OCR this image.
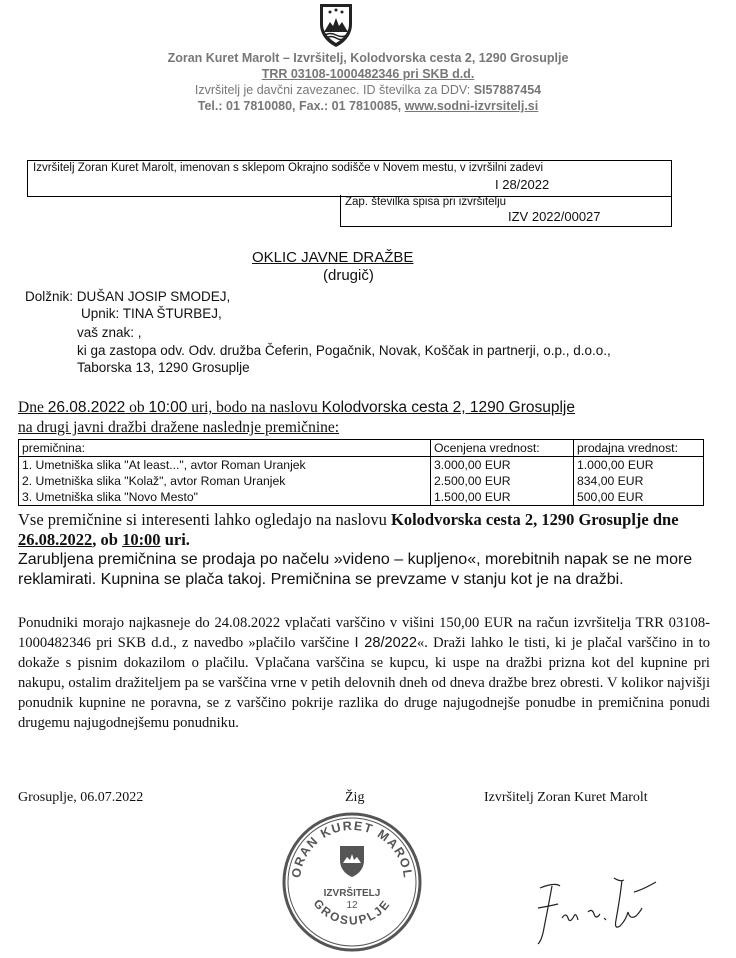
Zoran Kuret Marolt – Izvršitelj, Kolodvorska cesta 2, 1290 Grosuplje
TRR 03108-1000482346 pri SKB d.d.
Izvršitelj je davčni zavezanec. ID številka za DDV: SI57887454
Tel.: 01 7810080, Fax.: 01 7810085, www.sodni-izvrsitelj.si
Izvršitelj Zoran Kuret Marolt, imenovan s sklepom Okrajno sodišče v Novem mestu, v izvršilni zadevi
I 28/2022
Zap. številka spisa pri izvršitelju
IZV 2022/00027
OKLIC JAVNE DRAŽBE
(drugič)
Dolžnik: DUŠAN JOSIP SMODEJ,
Upnik: TINA ŠTURBEJ,
vaš znak: ,
ki ga zastopa odv. Odv. družba Čeferin, Pogačnik, Novak, Koščak in partnerji, o.p., d.o.o.,
Taborska 13, 1290 Grosuplje
Dne 26.08.2022 ob 10:00 uri, bodo na naslovu Kolodvorska cesta 2, 1290 Grosuplje
na drugi javni dražbi dražene naslednje premičnine:
premičnina:	Ocenjena vrednost:	prodajna vrednost:
1. Umetniška slika "At least...", avtor Roman Uranjek	3.000,00 EUR	1.000,00 EUR
2. Umetniška slika "Kolaž", avtor Roman Uranjek	2.500,00 EUR	834,00 EUR
3. Umetniška slika "Novo Mesto"	1.500,00 EUR	500,00 EUR
Vse premičnine si interesenti lahko ogledajo na naslovu Kolodvorska cesta 2, 1290 Grosuplje dne 26.08.2022, ob 10:00 uri.
Zarubljena premičnina se prodaja po načelu »videno – kupljeno«, morebitnih napak se ne more reklamirati. Kupnina se plača takoj. Premičnina se prevzame v stanju kot je na dražbi.
Ponudniki morajo najkasneje do 24.08.2022 vplačati varščino v višini 150,00 EUR na račun izvršitelja TRR 03108-1000482346 pri SKB d.d., z navedbo »plačilo varščine I 28/2022«. Draži lahko le tisti, ki je plačal varščino in to dokaže s pisnim dokazilom o plačilu. Vplačana varščina se kupcu, ki uspe na dražbi prizna kot del kupnine pri nakupu, ostalim dražiteljem pa se varščina vrne v petih delovnih dneh od dneva dražbe brez obresti. V kolikor najvišji ponudnik kupnine ne poravna, se z varščino pokrije razlika do druge najugodnejše ponudbe in premičnina ponudi drugemu najugodnejšemu ponudniku.
Grosuplje, 06.07.2022	Žig	Izvršitelj Zoran Kuret Marolt
ORAN KURET MAROL
GROSUPLJE
IZVRŠITELJ
12
